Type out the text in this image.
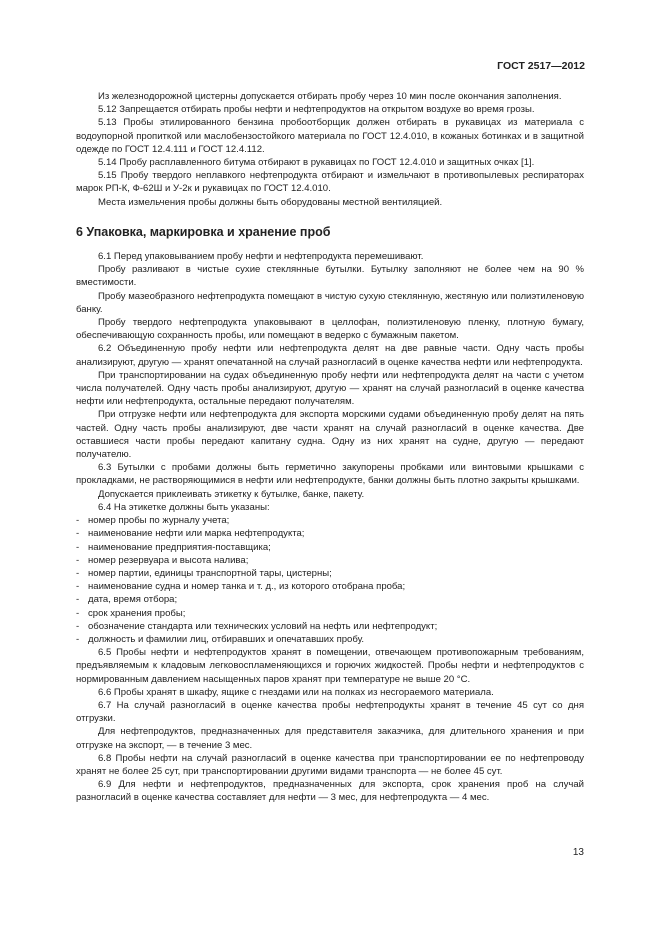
ГОСТ 2517—2012

Из железнодорожной цистерны допускается отбирать пробу через 10 мин после окончания заполнения.

5.12 Запрещается отбирать пробы нефти и нефтепродуктов на открытом воздухе во время грозы.

5.13 Пробы этилированного бензина пробоотборщик должен отбирать в рукавицах из материала с водоупорной пропиткой или маслобензостойкого материала по ГОСТ 12.4.010, в кожаных ботинках и в защитной одежде по ГОСТ 12.4.111 и ГОСТ 12.4.112.

5.14 Пробу расплавленного битума отбирают в рукавицах по ГОСТ 12.4.010 и защитных очках [1].

5.15 Пробу твердого неплавкого нефтепродукта отбирают и измельчают в противопылевых респираторах марок РП-К, Ф-62Ш и У-2к и рукавицах по ГОСТ 12.4.010.

Места измельчения пробы должны быть оборудованы местной вентиляцией.

6 Упаковка, маркировка и хранение проб

6.1 Перед упаковыванием пробу нефти и нефтепродукта перемешивают.

Пробу разливают в чистые сухие стеклянные бутылки. Бутылку заполняют не более чем на 90 % вместимости.

Пробу мазеобразного нефтепродукта помещают в чистую сухую стеклянную, жестяную или полиэтиленовую банку.

Пробу твердого нефтепродукта упаковывают в целлофан, полиэтиленовую пленку, плотную бумагу, обеспечивающую сохранность пробы, или помещают в ведерко с бумажным пакетом.

6.2 Объединенную пробу нефти или нефтепродукта делят на две равные части. Одну часть пробы анализируют, другую — хранят опечатанной на случай разногласий в оценке качества нефти или нефтепродукта.

При транспортировании на судах объединенную пробу нефти или нефтепродукта делят на части с учетом числа получателей. Одну часть пробы анализируют, другую — хранят на случай разногласий в оценке качества нефти или нефтепродукта, остальные передают получателям.

При отгрузке нефти или нефтепродукта для экспорта морскими судами объединенную пробу делят на пять частей. Одну часть пробы анализируют, две части хранят на случай разногласий в оценке качества. Две оставшиеся части пробы передают капитану судна. Одну из них хранят на судне, другую — передают получателю.

6.3 Бутылки с пробами должны быть герметично закупорены пробками или винтовыми крышками с прокладками, не растворяющимися в нефти или нефтепродукте, банки должны быть плотно закрыты крышками.

Допускается приклеивать этикетку к бутылке, банке, пакету.

6.4 На этикетке должны быть указаны:

- номер пробы по журналу учета;
- наименование нефти или марка нефтепродукта;
- наименование предприятия-поставщика;
- номер резервуара и высота налива;
- номер партии, единицы транспортной тары, цистерны;
- наименование судна и номер танка и т. д., из которого отобрана проба;
- дата, время отбора;
- срок хранения пробы;
- обозначение стандарта или технических условий на нефть или нефтепродукт;
- должность и фамилии лиц, отбиравших и опечатавших пробу.

6.5 Пробы нефти и нефтепродуктов хранят в помещении, отвечающем противопожарным требованиям, предъявляемым к кладовым легковоспламеняющихся и горючих жидкостей. Пробы нефти и нефтепродуктов с нормированным давлением насыщенных паров хранят при температуре не выше 20 °С.

6.6 Пробы хранят в шкафу, ящике с гнездами или на полках из несгораемого материала.

6.7 На случай разногласий в оценке качества пробы нефтепродукты хранят в течение 45 сут со дня отгрузки.

Для нефтепродуктов, предназначенных для представителя заказчика, для длительного хранения и при отгрузке на экспорт, — в течение 3 мес.

6.8 Пробы нефти на случай разногласий в оценке качества при транспортировании ее по нефтепроводу хранят не более 25 сут, при транспортировании другими видами транспорта — не более 45 сут.

6.9 Для нефти и нефтепродуктов, предназначенных для экспорта, срок хранения проб на случай разногласий в оценке качества составляет для нефти — 3 мес, для нефтепродукта — 4 мес.

13
